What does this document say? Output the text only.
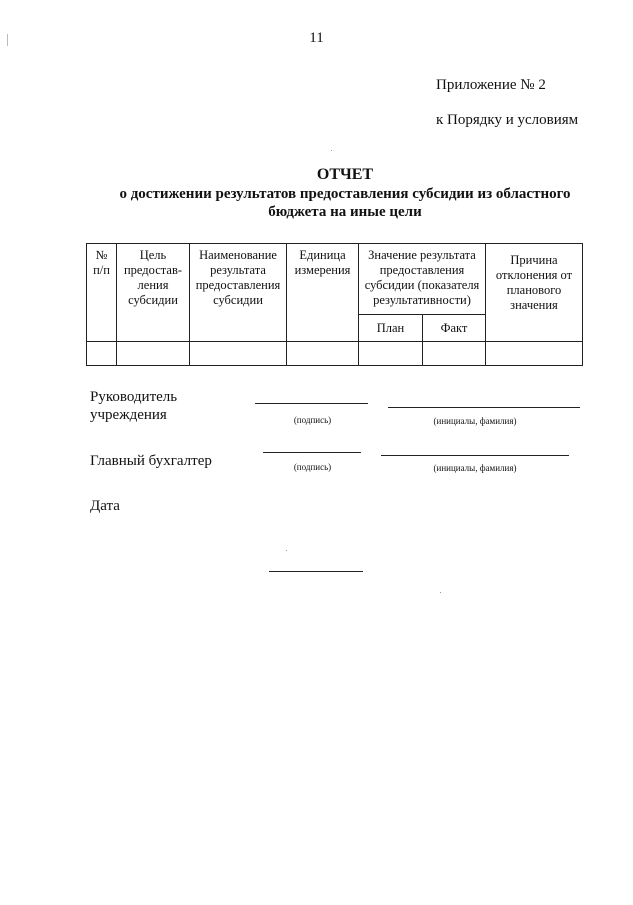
11
Приложение № 2
к Порядку и условиям
ОТЧЕТ
о достижении результатов предоставления субсидии из областного бюджета на иные цели
№ п/п	Цель предостав-ления субсидии	Наименование результата предоставления субсидии	Единица измерения	Значение результата предоставления субсидии (показателя результативности)		Причина отклонения от планового значения
				План	Факт	

Руководитель учреждения	(подпись)	(инициалы, фамилия)
Главный бухгалтер	(подпись)	(инициалы, фамилия)
Дата
